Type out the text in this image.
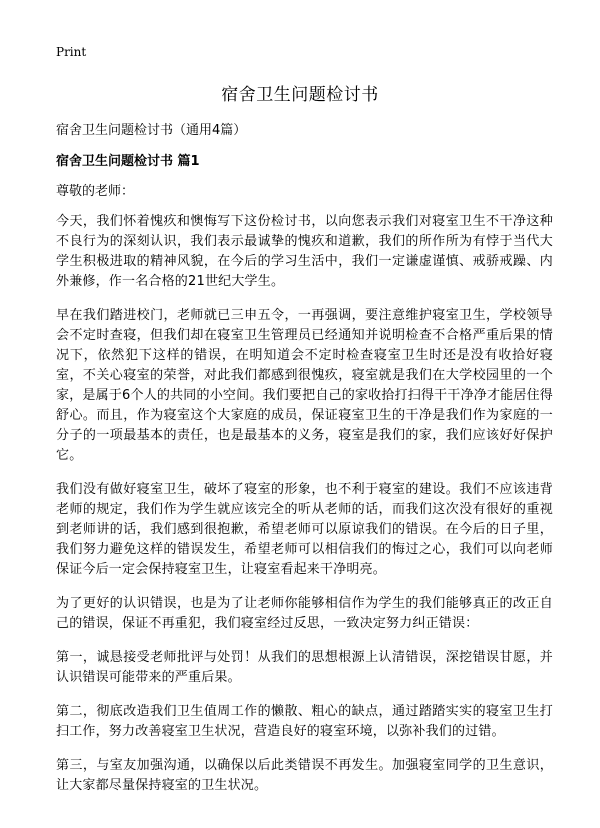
Print
宿舍卫生问题检讨书
宿舍卫生问题检讨书（通用4篇）
宿舍卫生问题检讨书 篇1
尊敬的老师：

今天，我们怀着愧疚和懊悔写下这份检讨书，以向您表示我们对寝室卫生不干净这种不良行为的深刻认识，我们表示最诚挚的愧疚和道歉，我们的所作所为有悖于当代大学生积极进取的精神风貌，在今后的学习生活中，我们一定谦虚谨慎、戒骄戒躁、内外兼修，作一名合格的21世纪大学生。

早在我们踏进校门，老师就已三申五令，一再强调，要注意维护寝室卫生，学校领导会不定时查寝，但我们却在寝室卫生管理员已经通知并说明检查不合格严重后果的情况下，依然犯下这样的错误，在明知道会不定时检查寝室卫生时还是没有收拾好寝室，不关心寝室的荣誉，对此我们都感到很愧疚，寝室就是我们在大学校园里的一个家，是属于6个人的共同的小空间。我们要把自己的家收拾打扫得干干净净才能居住得舒心。而且，作为寝室这个大家庭的成员，保证寝室卫生的干净是我们作为家庭的一分子的一项最基本的责任，也是最基本的义务，寝室是我们的家，我们应该好好保护它。

我们没有做好寝室卫生，破坏了寝室的形象，也不利于寝室的建设。我们不应该违背老师的规定，我们作为学生就应该完全的听从老师的话，而我们这次没有很好的重视到老师讲的话，我们感到很抱歉，希望老师可以原谅我们的错误。在今后的日子里，我们努力避免这样的错误发生，希望老师可以相信我们的悔过之心，我们可以向老师保证今后一定会保持寝室卫生，让寝室看起来干净明亮。

为了更好的认识错误，也是为了让老师你能够相信作为学生的我们能够真正的改正自己的错误，保证不再重犯，我们寝室经过反思，一致决定努力纠正错误：

第一，诚恳接受老师批评与处罚！从我们的思想根源上认清错误，深挖错误甘愿，并认识错误可能带来的严重后果。

第二，彻底改造我们卫生值周工作的懒散、粗心的缺点，通过踏踏实实的寝室卫生打扫工作，努力改善寝室卫生状况，营造良好的寝室环境，以弥补我们的过错。

第三，与室友加强沟通，以确保以后此类错误不再发生。加强寝室同学的卫生意识，让大家都尽量保持寝室的卫生状况。
